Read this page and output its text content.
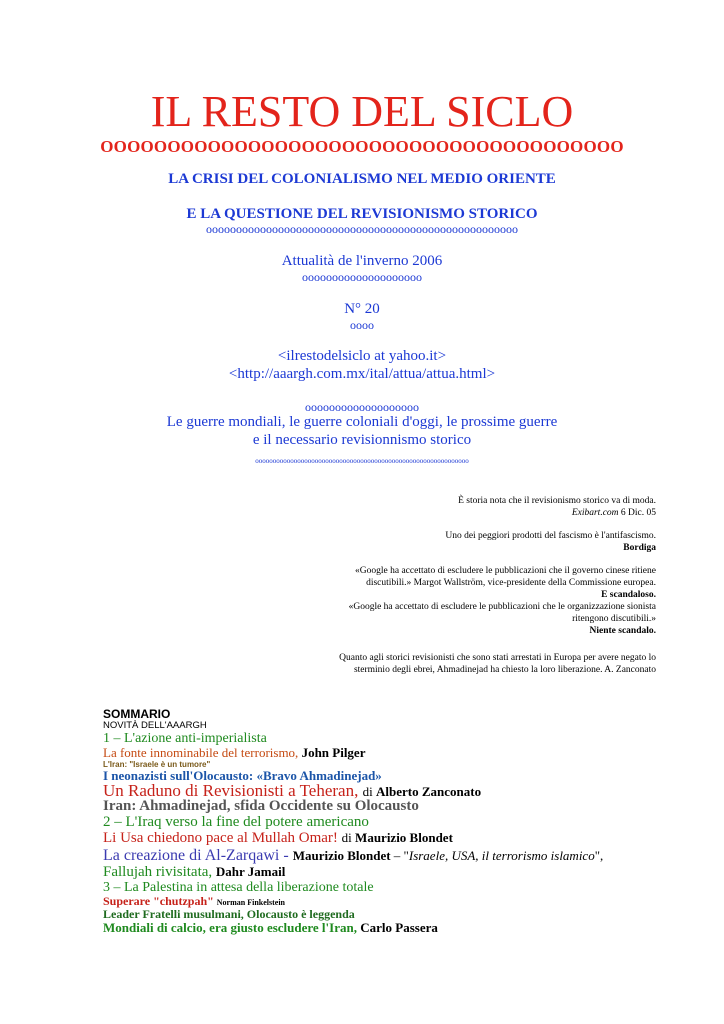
IL RESTO DEL SICLO
OOOOOOOOOOOOOOOOOOOOOOOOOOOOOOOOOOOOOOO
LA CRISI DEL COLONIALISMO NEL MEDIO ORIENTE
E LA QUESTIONE DEL REVISIONISMO STORICO
oooooooooooooooooooooooooooooooooooooooooooooooooooo
Attualità de l'inverno 2006
oooooooooooooooooooo
N° 20
oooo
<ilrestodelsiclo at yahoo.it>
<http://aaargh.com.mx/ital/attua/attua.html>
ooooooooooooooooooo
Le guerre mondiali, le guerre coloniali d'oggi, le prossime guerre
e il necessario revisionnismo storico
ooooooooooooooooooooooooooooooooooooooooooooooooooooooooooooo
È storia nota che il revisionismo storico va di moda.
Exibart.com 6 Dic. 05
Uno dei peggiori prodotti del fascismo è l'antifascismo.
Bordiga
«Google ha accettato di escludere le pubblicazioni che il governo cinese ritiene
discutibili.» Margot Wallström, vice-presidente della Commissione europea.
E scandaloso.
«Google ha accettato di escludere le pubblicazioni che le organizzazione sionista
ritengono discutibili.»
Niente scandalo.
Quanto agli storici revisionisti che sono stati arrestati in Europa per avere negato lo
sterminio degli ebrei, Ahmadinejad ha chiesto la loro liberazione. A. Zanconato
SOMMARIO
NOVITÀ DELL'AAARGH
1 – L'azione anti-imperialista
La fonte innominabile del terrorismo, John Pilger
L'Iran: "Israele è un tumore"
I neonazisti sull'Olocausto: «Bravo Ahmadinejad»
Un Raduno di Revisionisti a Teheran, di Alberto Zanconato
Iran: Ahmadinejad, sfida Occidente su Olocausto
2 – L'Iraq verso la fine del potere americano
Li Usa chiedono pace al Mullah Omar! di Maurizio Blondet
La creazione di Al-Zarqawi - Maurizio Blondet – "Israele, USA, il terrorismo islamico",
Fallujah rivisitata, Dahr Jamail
3 – La Palestina in attesa della liberazione totale
Superare "chutzpah" Norman Finkelstein
Leader Fratelli musulmani, Olocausto è leggenda
Mondiali di calcio, era giusto escludere l'Iran, Carlo Passera
